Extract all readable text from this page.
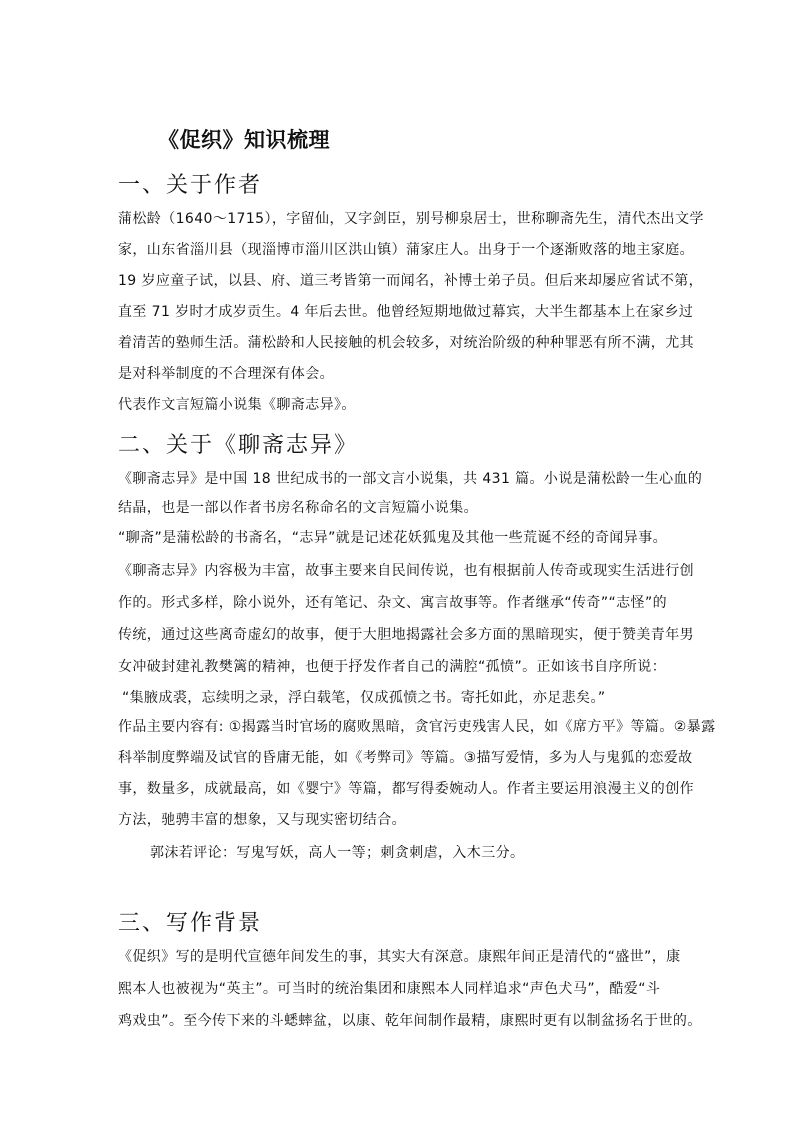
《促织》知识梳理
一、关于作者
蒲松龄（1640～1715），字留仙，又字剑臣，别号柳泉居士，世称聊斋先生，清代杰出文学
家，山东省淄川县（现淄博市淄川区洪山镇）蒲家庄人。出身于一个逐渐败落的地主家庭。
19 岁应童子试，以县、府、道三考皆第一而闻名，补博士弟子员。但后来却屡应省试不第，
直至 71 岁时才成岁贡生。4 年后去世。他曾经短期地做过幕宾，大半生都基本上在家乡过
着清苦的塾师生活。蒲松龄和人民接触的机会较多，对统治阶级的种种罪恶有所不满，尤其
是对科举制度的不合理深有体会。
代表作文言短篇小说集《聊斋志异》。
二、关于《聊斋志异》
《聊斋志异》是中国 18 世纪成书的一部文言小说集，共 431 篇。小说是蒲松龄一生心血的
结晶，也是一部以作者书房名称命名的文言短篇小说集。
“聊斋”是蒲松龄的书斋名，“志异”就是记述花妖狐鬼及其他一些荒诞不经的奇闻异事。
《聊斋志异》内容极为丰富，故事主要来自民间传说，也有根据前人传奇或现实生活进行创
作的。形式多样，除小说外，还有笔记、杂文、寓言故事等。作者继承“传奇”“志怪”的
传统，通过这些离奇虚幻的故事，便于大胆地揭露社会多方面的黑暗现实，便于赞美青年男
女冲破封建礼教樊篱的精神，也便于抒发作者自己的满腔“孤愤”。正如该书自序所说：
“集腋成裘，忘续明之录，浮白载笔，仅成孤愤之书。寄托如此，亦足悲矣。”
作品主要内容有: ①揭露当时官场的腐败黑暗，贪官污吏残害人民，如《席方平》等篇。②暴露
科举制度弊端及试官的昏庸无能，如《考弊司》等篇。③描写爱情，多为人与鬼狐的恋爱故
事，数量多，成就最高，如《婴宁》等篇，都写得委婉动人。作者主要运用浪漫主义的创作
方法，驰骋丰富的想象，又与现实密切结合。
郭沫若评论：写鬼写妖，高人一等；刺贪刺虐，入木三分。
三、写作背景
《促织》写的是明代宣德年间发生的事，其实大有深意。康熙年间正是清代的“盛世”，康
熙本人也被视为“英主”。可当时的统治集团和康熙本人同样追求“声色犬马”，酷爱“斗
鸡戏虫”。至今传下来的斗蟋蟀盆，以康、乾年间制作最精，康熙时更有以制盆扬名于世的。
